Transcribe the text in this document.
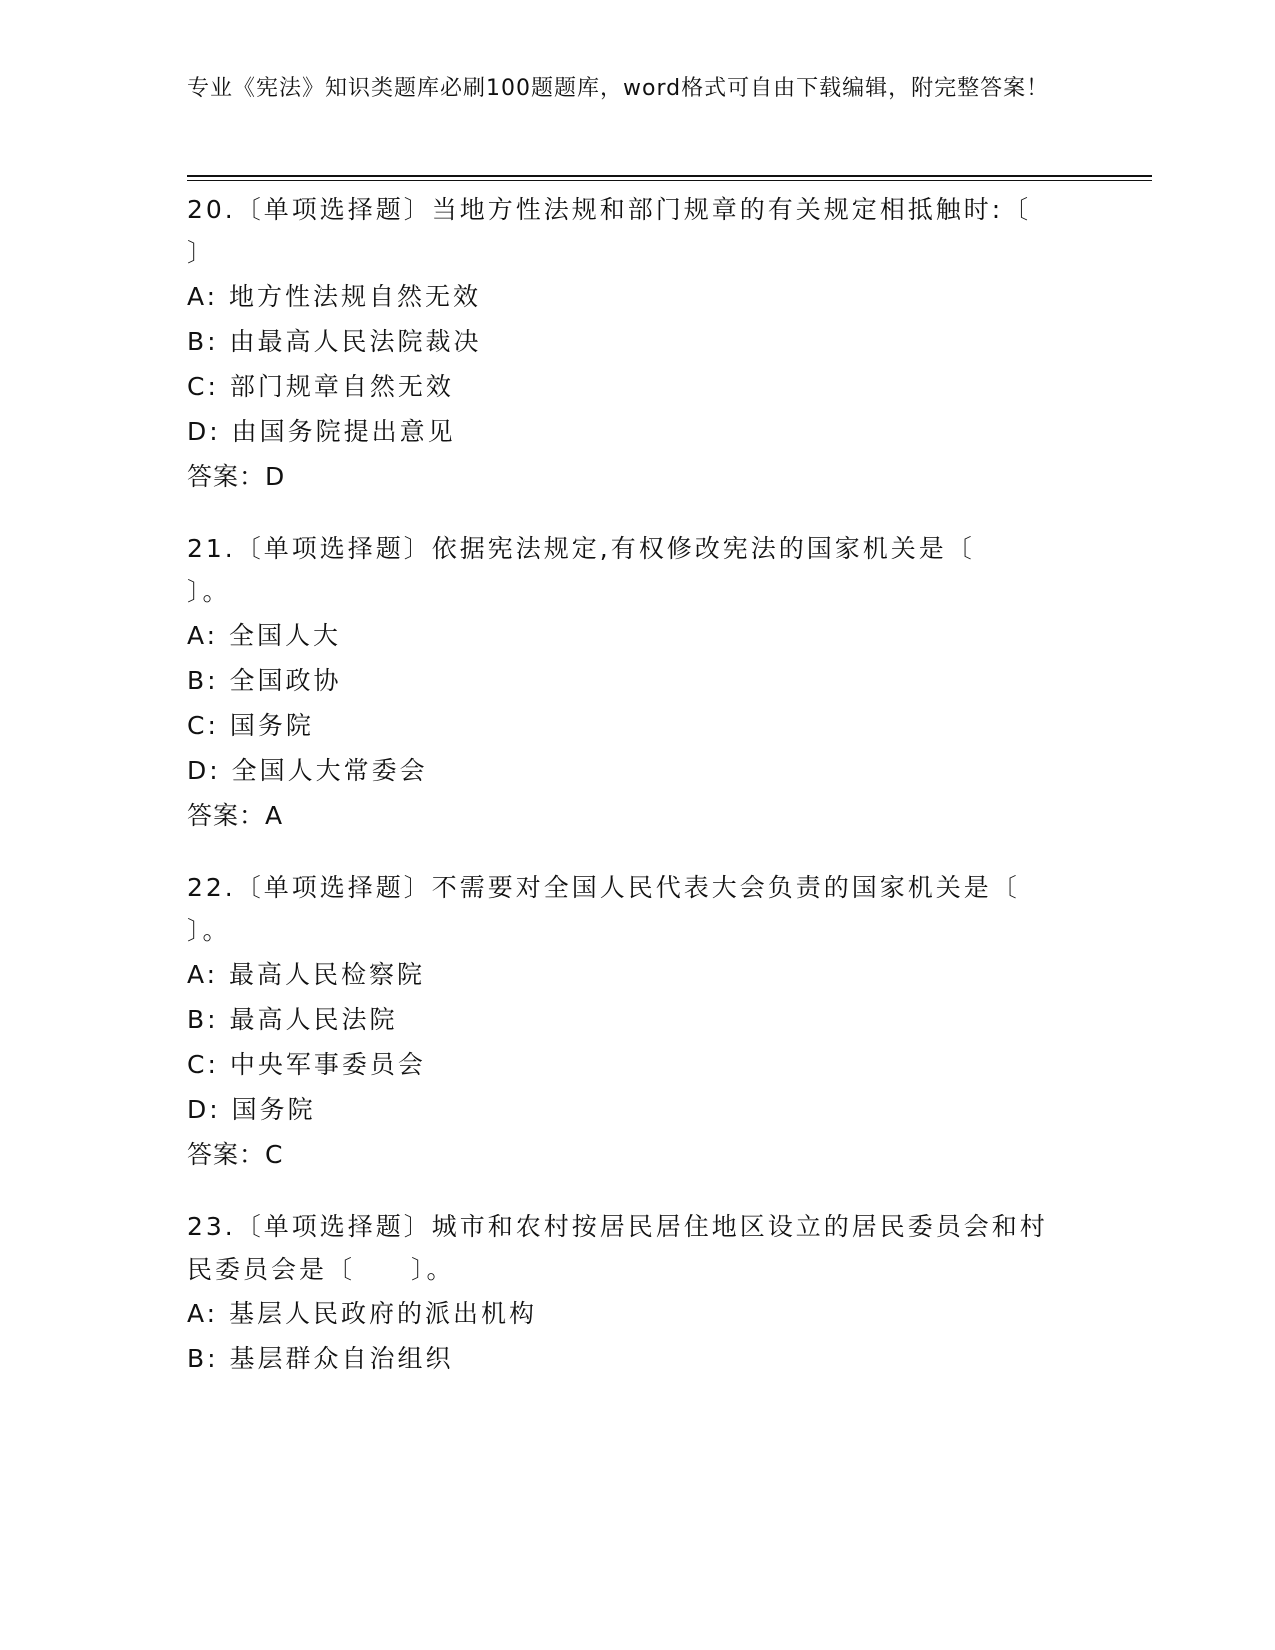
专业《宪法》知识类题库必刷100题题库，word格式可自由下载编辑，附完整答案！
20.〔单项选择题〕当地方性法规和部门规章的有关规定相抵触时:〔　　〕
A: 地方性法规自然无效
B: 由最高人民法院裁决
C: 部门规章自然无效
D: 由国务院提出意见
答案：D
21.〔单项选择题〕依据宪法规定,有权修改宪法的国家机关是〔　　〕。
A: 全国人大
B: 全国政协
C: 国务院
D: 全国人大常委会
答案：A
22.〔单项选择题〕不需要对全国人民代表大会负责的国家机关是〔　　〕。
A: 最高人民检察院
B: 最高人民法院
C: 中央军事委员会
D: 国务院
答案：C
23.〔单项选择题〕城市和农村按居民居住地区设立的居民委员会和村民委员会是〔　　〕。
A: 基层人民政府的派出机构
B: 基层群众自治组织
